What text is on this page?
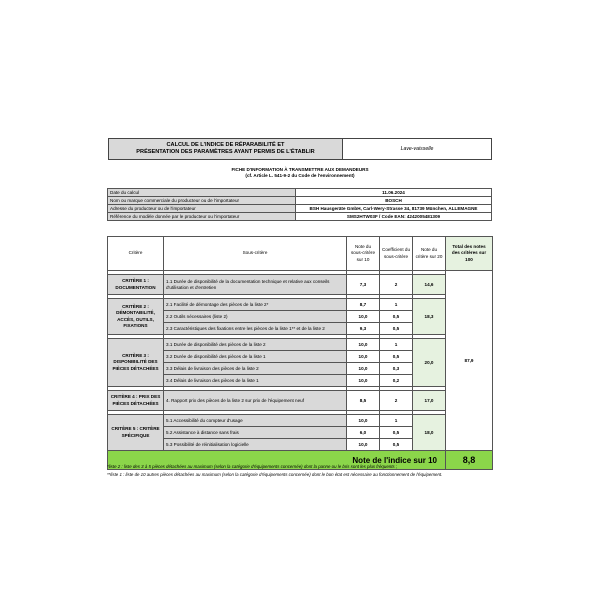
CALCUL DE L'INDICE DE RÉPARABILITÉ ET
PRÉSENTATION DES PARAMÈTRES AYANT PERMIS DE L'ÉTABLIR	Lave-vaisselle
FICHE D'INFORMATION À TRANSMETTRE AUX DEMANDEURS
(cf. Article L. 541-9-2 du Code de l'environnement)
Date du calcul	11.06.2024
Nom ou marque commerciale du producteur ou de l'importateur	BOSCH
Adresse du producteur ou de l'importateur	BSH Hausgeräte GmbH, Carl-Wery-Strasse 34, 81739 München, ALLEMAGNE
Référence du modèle donnée par le producteur ou l'importateur	SMS2HTW03F / Code EAN: 4242005481309
Critère	Sous-critère	Note du sous-critère sur 10	Coefficient du sous-critère	Note du critère sur 20	Total des notes des critères sur 100
					87,9
CRITÈRE 1 : DOCUMENTATION	1.1 Durée de disponibilité de la documentation technique et relative aux conseils d'utilisation et d'entretien	7,3	2	14,6	

CRITÈRE 2 : DÉMONTABILITÉ, ACCÈS, OUTILS, FIXATIONS	2.1 Facilité de démontage des pièces de la liste 2*	8,7	1	18,3	
	2.2 Outils nécessaires (liste 2)	10,0	0,5		
	2.3 Caractéristiques des fixations entre les pièces de la liste 1** et de la liste 2	9,3	0,5		

CRITÈRE 3 : DISPONIBILITÉ DES PIÈCES DÉTACHÉES	3.1 Durée de disponibilité des pièces de la liste 2	10,0	1	20,0	
	3.2 Durée de disponibilité des pièces de la liste 1	10,0	0,5		
	3.3 Délais de livraison des pièces de la liste 2	10,0	0,3		
	3.4 Délais de livraison des pièces de la liste 1	10,0	0,2		

CRITÈRE 4 : PRIX DES PIÈCES DÉTACHÉES	4. Rapport prix des pièces de la liste 2 sur prix de l'équipement neuf	8,5	2	17,0	

CRITÈRE 5 : CRITÈRE SPÉCIFIQUE	5.1 Accessibilité du compteur d'usage	10,0	1	18,0	
	5.2 Assistance à distance sans frais	6,0	0,5		
	5.3 Possibilité de réinitialisation logicielle	10,0	0,5		
Note de l'indice sur 10					8,8
*liste 2 : liste des 3 à 5 pièces détachées au maximum (selon la catégorie d'équipements concernée) dont la panne ou le bris sont les plus fréquents ;
**liste 1 : liste de 10 autres pièces détachées au maximum (selon la catégorie d'équipements concernée) dont le bon état est nécessaire au fonctionnement de l'équipement.
